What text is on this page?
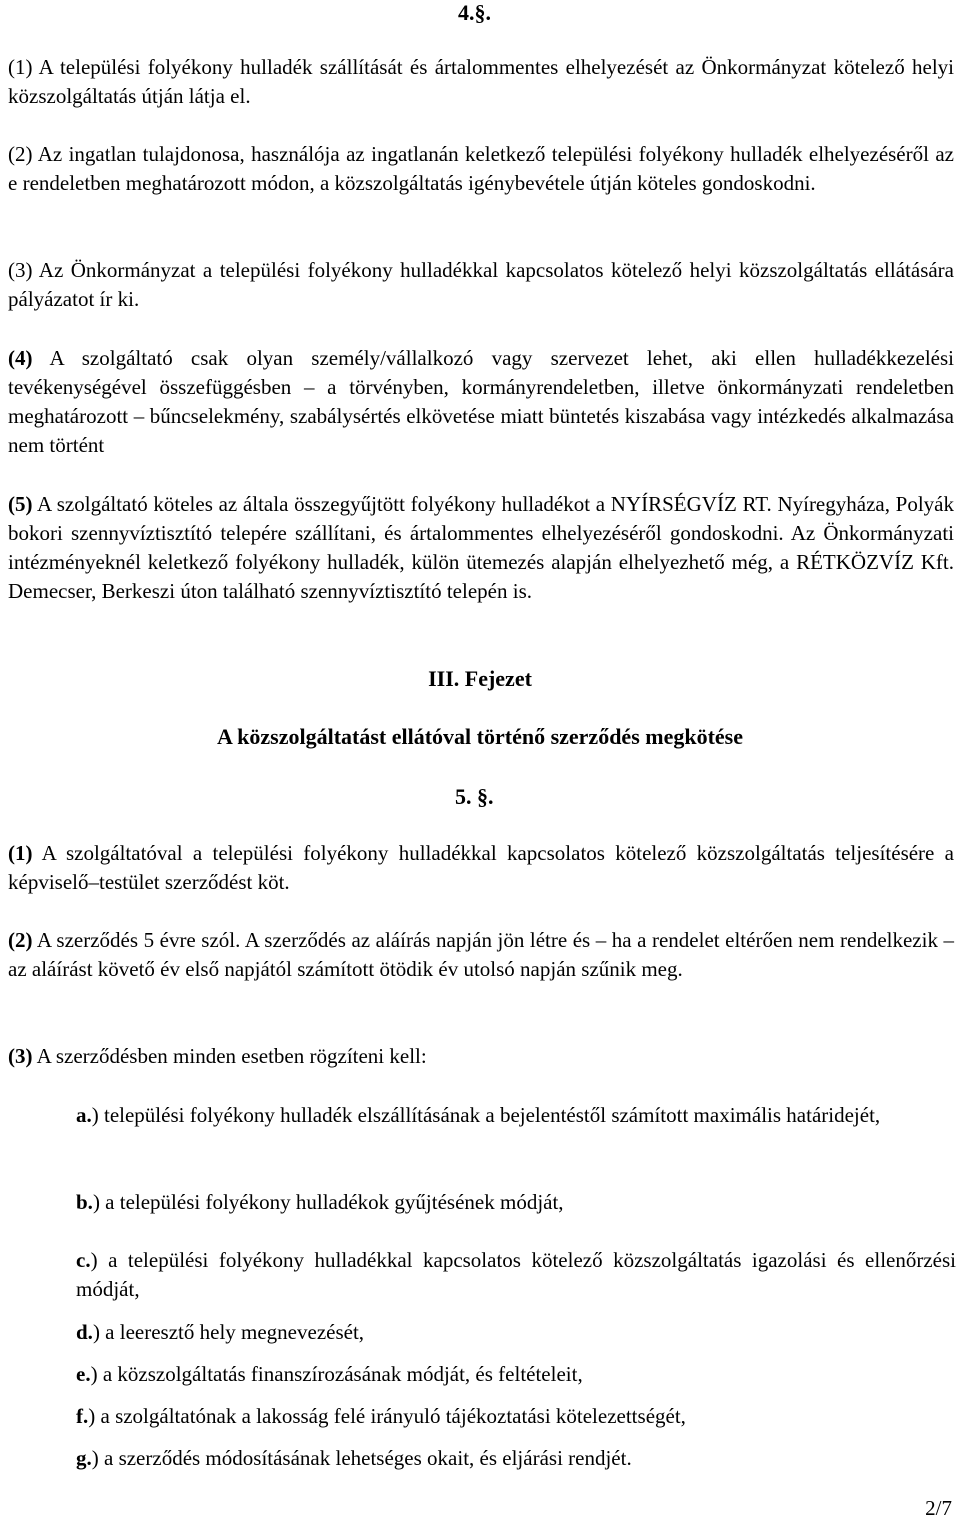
4.§.
(1) A települési folyékony hulladék szállítását és ártalommentes elhelyezését az Önkormányzat kötelező helyi közszolgáltatás útján látja el.
(2) Az ingatlan tulajdonosa, használója az ingatlanán keletkező települési folyékony hulladék elhelyezéséről az e rendeletben meghatározott módon, a közszolgáltatás igénybevétele útján köteles gondoskodni.
(3) Az Önkormányzat a települési folyékony hulladékkal kapcsolatos kötelező helyi közszolgáltatás ellátására pályázatot ír ki.
(4) A szolgáltató csak olyan személy/vállalkozó vagy szervezet lehet, aki ellen hulladékkezelési tevékenységével összefüggésben – a törvényben, kormányrendeletben, illetve önkormányzati rendeletben meghatározott – bűncselekmény, szabálysértés elkövetése miatt büntetés kiszabása vagy intézkedés alkalmazása nem történt
(5) A szolgáltató köteles az általa összegyűjtött folyékony hulladékot a NYÍRSÉGVÍZ RT. Nyíregyháza, Polyák bokori szennyvíztisztító telepére szállítani, és ártalommentes elhelyezéséről gondoskodni. Az Önkormányzati intézményeknél keletkező folyékony hulladék, külön ütemezés alapján elhelyezhető még, a RÉTKÖZVÍZ Kft. Demecser, Berkeszi úton található szennyvíztisztító telepén is.
III. Fejezet
A közszolgáltatást ellátóval történő szerződés megkötése
5. §.
(1) A szolgáltatóval a települési folyékony hulladékkal kapcsolatos kötelező közszolgáltatás teljesítésére a képviselő–testület szerződést köt.
(2) A szerződés 5 évre szól. A szerződés az aláírás napján jön létre és – ha a rendelet eltérően nem rendelkezik – az aláírást követő év első napjától számított ötödik év utolsó napján szűnik meg.
(3) A szerződésben minden esetben rögzíteni kell:
a.) települési folyékony hulladék elszállításának a bejelentéstől számított maximális határidejét,
b.) a települési folyékony hulladékok gyűjtésének módját,
c.) a települési folyékony hulladékkal kapcsolatos kötelező közszolgáltatás igazolási és ellenőrzési módját,
d.) a leeresztő hely megnevezését,
e.) a közszolgáltatás finanszírozásának módját, és feltételeit,
f.) a szolgáltatónak a lakosság felé irányuló tájékoztatási kötelezettségét,
g.) a szerződés módosításának lehetséges okait, és eljárási rendjét.
2/7
